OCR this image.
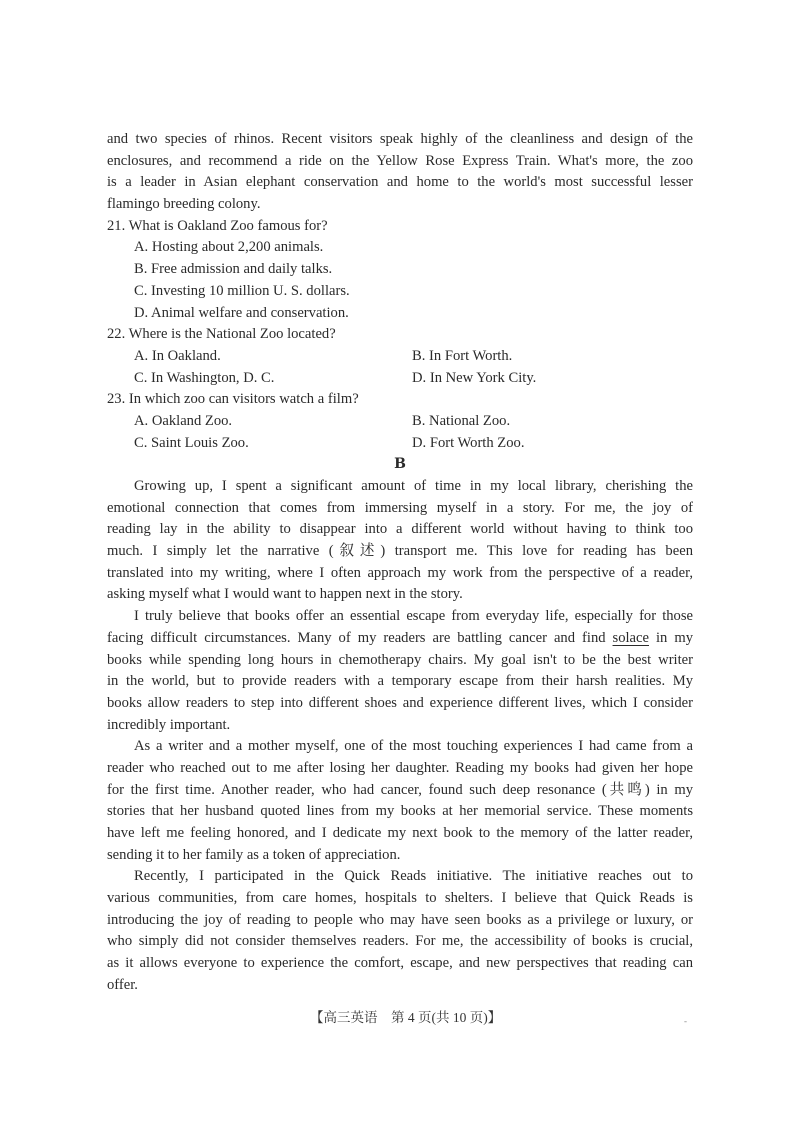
and two species of rhinos. Recent visitors speak highly of the cleanliness and design of the
enclosures, and recommend a ride on the Yellow Rose Express Train. What's more, the zoo
is a leader in Asian elephant conservation and home to the world's most successful lesser
flamingo breeding colony.
21. What is Oakland Zoo famous for?
A. Hosting about 2,200 animals.
B. Free admission and daily talks.
C. Investing 10 million U. S. dollars.
D. Animal welfare and conservation.
22. Where is the National Zoo located?
A. In Oakland.	B. In Fort Worth.
C. In Washington, D. C.	D. In New York City.
23. In which zoo can visitors watch a film?
A. Oakland Zoo.	B. National Zoo.
C. Saint Louis Zoo.	D. Fort Worth Zoo.
B
Growing up, I spent a significant amount of time in my local library, cherishing the
emotional connection that comes from immersing myself in a story. For me, the joy of
reading lay in the ability to disappear into a different world without having to think too
much. I simply let the narrative (叙述) transport me. This love for reading has been
translated into my writing, where I often approach my work from the perspective of a reader,
asking myself what I would want to happen next in the story.
I truly believe that books offer an essential escape from everyday life, especially for those
facing difficult circumstances. Many of my readers are battling cancer and find solace in my
books while spending long hours in chemotherapy chairs. My goal isn't to be the best writer
in the world, but to provide readers with a temporary escape from their harsh realities. My
books allow readers to step into different shoes and experience different lives, which I consider
incredibly important.
As a writer and a mother myself, one of the most touching experiences I had came from a
reader who reached out to me after losing her daughter. Reading my books had given her hope
for the first time. Another reader, who had cancer, found such deep resonance (共鸣) in my
stories that her husband quoted lines from my books at her memorial service. These moments
have left me feeling honored, and I dedicate my next book to the memory of the latter reader,
sending it to her family as a token of appreciation.
Recently, I participated in the Quick Reads initiative. The initiative reaches out to
various communities, from care homes, hospitals to shelters. I believe that Quick Reads is
introducing the joy of reading to people who may have seen books as a privilege or luxury, or
who simply did not consider themselves readers. For me, the accessibility of books is crucial,
as it allows everyone to experience the comfort, escape, and new perspectives that reading can
offer.
【高三英语　第 4 页(共 10 页)】	-
